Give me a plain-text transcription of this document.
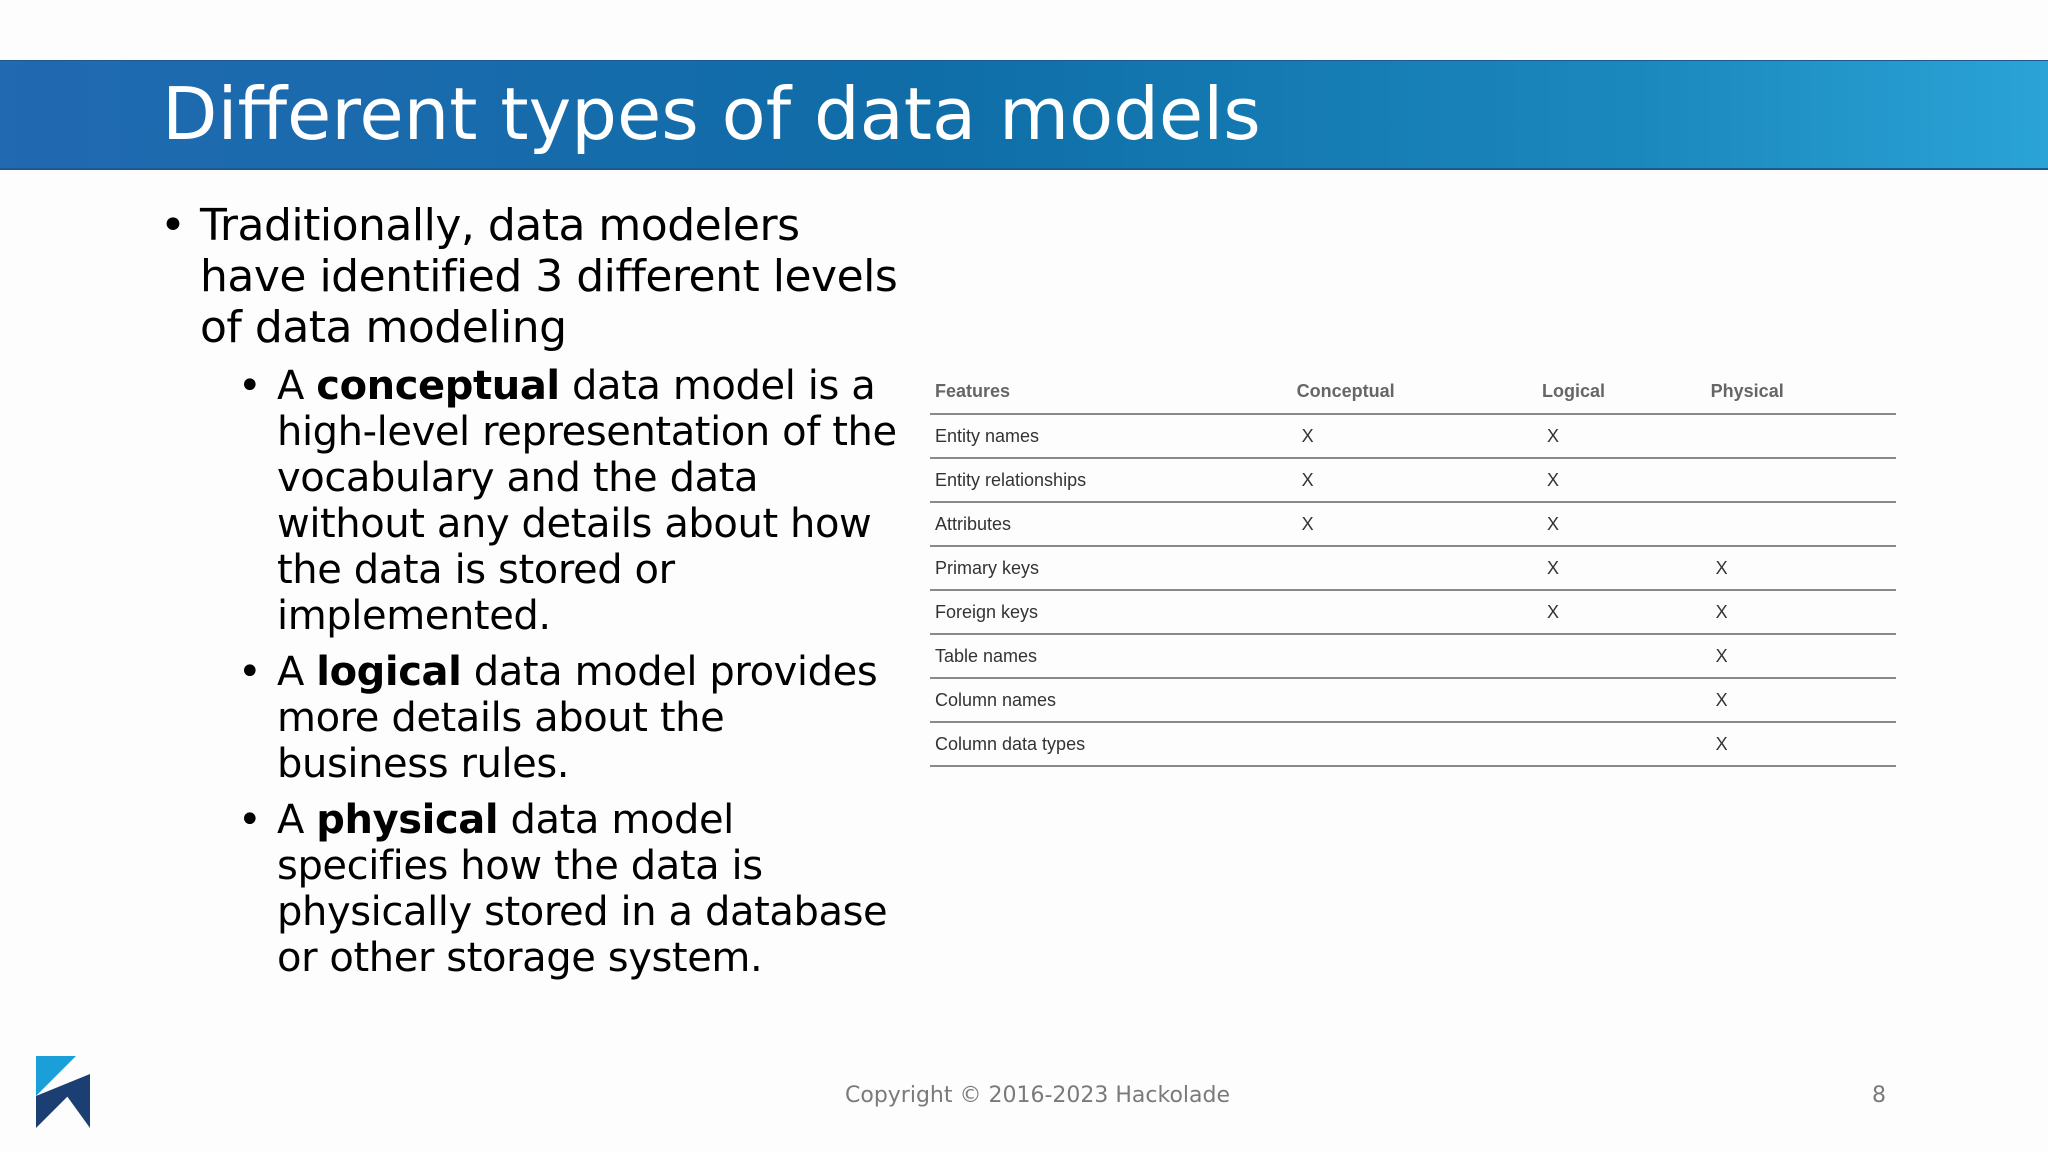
Different types of data models
• Traditionally, data modelers have identified 3 different levels of data modeling
• A conceptual data model is a high-level representation of the vocabulary and the data without any details about how the data is stored or implemented.
• A logical data model provides more details about the business rules.
• A physical data model specifies how the data is physically stored in a database or other storage system.
Features	Conceptual	Logical	Physical
Entity names	X	X	
Entity relationships	X	X	
Attributes	X	X	
Primary keys		X	X
Foreign keys		X	X
Table names			X
Column names			X
Column data types			X
Copyright © 2016-2023 Hackolade	8
